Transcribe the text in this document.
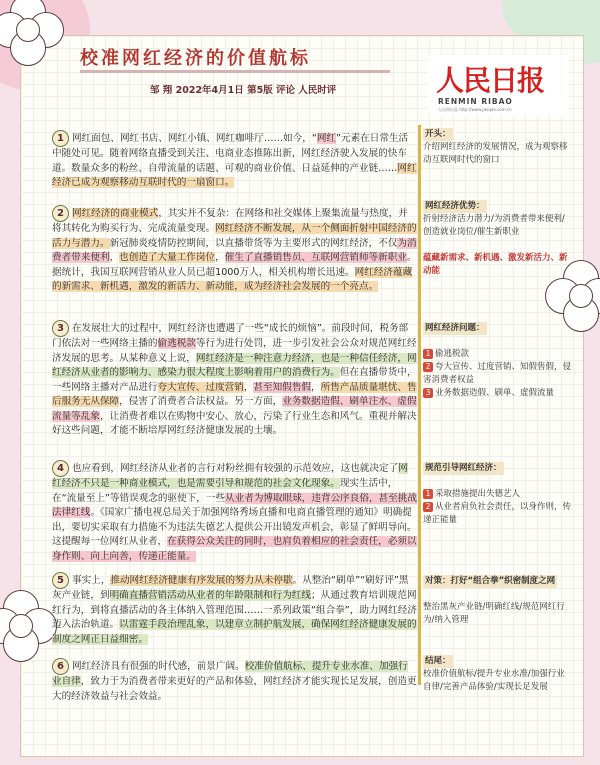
校准网红经济的价值航标
邹 翔 2022年4月1日 第5版 评论 人民时评	人民日报
RENMIN RIBAO
人民网出品 http://www.people.com.cn
1 网红面包、网红书店、网红小镇、网红咖啡厅……如今，“网红”元素在日常生活中随处可见。随着网络直播受到关注、电商业态推陈出新，网红经济驶入发展的快车道。数量众多的粉丝、自带流量的话题、可观的商业价值、日益延伸的产业链……网红经济已成为观察移动互联时代的一扇窗口。
2 网红经济的商业模式，其实并不复杂：在网络和社交媒体上聚集流量与热度，并将其转化为购买行为、完成流量变现。网红经济不断发展，从一个侧面折射中国经济的活力与潜力。新冠肺炎疫情防控期间，以直播带货等为主要形式的网红经济，不仅为消费者带来便利，也创造了大量工作岗位，催生了直播销售员、互联网营销师等新职业。据统计，我国互联网营销从业人员已超1000万人，相关机构增长迅速。网红经济蕴藏的新需求、新机遇，激发的新活力、新动能，成为经济社会发展的一个亮点。
3 在发展壮大的过程中，网红经济也遭遇了一些“成长的烦恼”。前段时间，税务部门依法对一些网络主播的偷逃税款等行为进行处罚，进一步引发社会公众对规范网红经济发展的思考。从某种意义上说，网红经济是一种注意力经济，也是一种信任经济，网红经济从业者的影响力、感染力很大程度上影响着用户的消费行为。但在直播带货中，一些网络主播对产品进行夸大宣传、过度营销，甚至知假售假，所售产品质量堪忧、售后服务无从保障，侵害了消费者合法权益。另一方面，业务数据造假、刷单注水、虚假流量等乱象，让消费者难以在购物中安心、放心，污染了行业生态和风气。重视并解决好这些问题，才能不断培厚网红经济健康发展的土壤。
4 也应看到，网红经济从业者的言行对粉丝拥有较强的示范效应，这也就决定了网红经济不只是一种商业模式，也是需要引导和规范的社会文化现象。现实生活中，在“流量至上”等错误观念的驱使下，一些从业者为博取眼球，违背公序良俗，甚至挑战法律红线。《国家广播电视总局关于加强网络秀场直播和电商直播管理的通知》明确提出，要切实采取有力措施不为违法失德艺人提供公开出镜发声机会，彰显了鲜明导向。这提醒每一位网红从业者，在获得公众关注的同时，也肩负着相应的社会责任，必须以身作则、向上向善，传递正能量。
5 事实上，推动网红经济健康有序发展的努力从未停歇。从整治“刷单”“刷好评”黑灰产业链，到明确直播营销活动从业者的年龄限制和行为红线；从通过教育培训规范网红行为，到将直播活动的各主体纳入管理范围……一系列政策“组合拳”，助力网红经济迈入法治轨道。以雷霆手段治理乱象，以建章立制护航发展，确保网红经济健康发展的制度之网正日益细密。
6 网红经济具有很强的时代感，前景广阔。校准价值航标、提升专业水准、加强行业自律，致力于为消费者带来更好的产品和体验，网红经济才能实现长足发展，创造更大的经济效益与社会效益。
开头：
介绍网红经济的发展情况，成为观察移动互联网时代的窗口
网红经济优势：
折射经济活力潜力/为消费者带来便利/创造就业岗位/催生新职业

蕴藏新需求、新机遇、激发新活力、新动能
网红经济问题：

1 偷逃税款
2 夸大宣传、过度营销、知假售假，侵害消费者权益
3 业务数据造假、刷单、虚假流量
规范引导网红经济：

1 采取措施提出失德艺人
2 从业者肩负社会责任，以身作则，传递正能量
对策：打好“组合拳”织密制度之网

整治黑灰产业链/明确红线/规范网红行为/纳入管理
结尾：
校准价值航标/提升专业水准/加强行业自律/完善产品体验/实现长足发展
